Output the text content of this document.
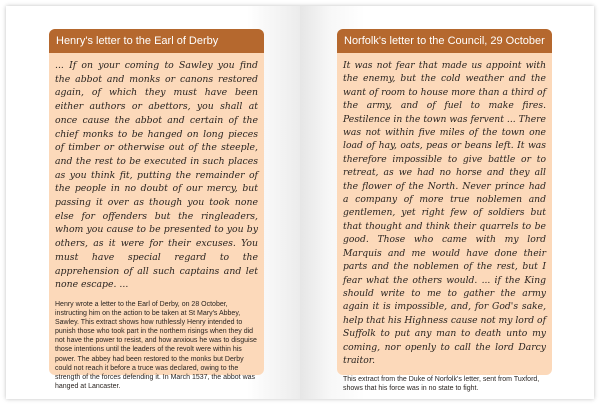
Henry's letter to the Earl of Derby
... If on your coming to Sawley you find the abbot and monks or canons restored again, of which they must have been either authors or abettors, you shall at once cause the abbot and certain of the chief monks to be hanged on long pieces of timber or otherwise out of the steeple, and the rest to be executed in such places as you think fit, putting the remainder of the people in no doubt of our mercy, but passing it over as though you took none else for offenders but the ringleaders, whom you cause to be presented to you by others, as it were for their excuses. You must have special regard to the apprehension of all such captains and let none escape. ...
Henry wrote a letter to the Earl of Derby, on 28 October, instructing him on the action to be taken at St Mary's Abbey, Sawley. This extract shows how ruthlessly Henry intended to punish those who took part in the northern risings when they did not have the power to resist, and how anxious he was to disguise those intentions until the leaders of the revolt were within his power. The abbey had been restored to the monks but Derby could not reach it before a truce was declared, owing to the strength of the forces defending it. In March 1537, the abbot was hanged at Lancaster.
Norfolk's letter to the Council, 29 October
It was not fear that made us appoint with the enemy, but the cold weather and the want of room to house more than a third of the army, and of fuel to make fires. Pestilence in the town was fervent ... There was not within five miles of the town one load of hay, oats, peas or beans left. It was therefore impossible to give battle or to retreat, as we had no horse and they all the flower of the North. Never prince had a company of more true noblemen and gentlemen, yet right few of soldiers but that thought and think their quarrels to be good. Those who came with my lord Marquis and me would have done their parts and the noblemen of the rest, but I fear what the others would. ... if the King should write to me to gather the army again it is impossible, and, for God's sake, help that his Highness cause not my lord of Suffolk to put any man to death unto my coming, nor openly to call the lord Darcy traitor.
This extract from the Duke of Norfolk's letter, sent from Tuxford, shows that his force was in no state to fight.
